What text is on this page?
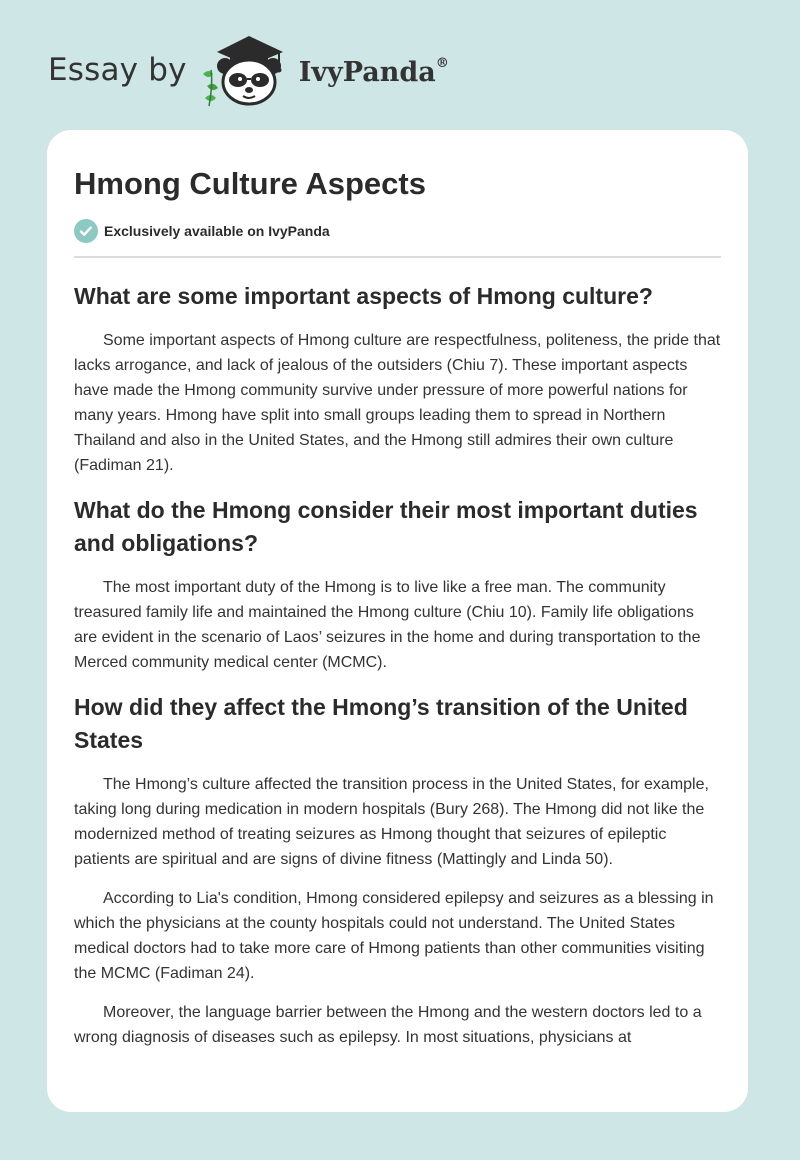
Essay by	IvyPanda®
Hmong Culture Aspects
Exclusively available on IvyPanda
What are some important aspects of Hmong culture?

Some important aspects of Hmong culture are respectfulness, politeness, the pride that lacks arrogance, and lack of jealous of the outsiders (Chiu 7). These important aspects have made the Hmong community survive under pressure of more powerful nations for many years. Hmong have split into small groups leading them to spread in Northern Thailand and also in the United States, and the Hmong still admires their own culture (Fadiman 21).

What do the Hmong consider their most important duties and obligations?

The most important duty of the Hmong is to live like a free man. The community treasured family life and maintained the Hmong culture (Chiu 10). Family life obligations are evident in the scenario of Laos’ seizures in the home and during transportation to the Merced community medical center (MCMC).

How did they affect the Hmong’s transition of the United States

The Hmong’s culture affected the transition process in the United States, for example, taking long during medication in modern hospitals (Bury 268). The Hmong did not like the modernized method of treating seizures as Hmong thought that seizures of epileptic patients are spiritual and are signs of divine fitness (Mattingly and Linda 50).

According to Lia's condition, Hmong considered epilepsy and seizures as a blessing in which the physicians at the county hospitals could not understand. The United States medical doctors had to take more care of Hmong patients than other communities visiting the MCMC (Fadiman 24).

Moreover, the language barrier between the Hmong and the western doctors led to a wrong diagnosis of diseases such as epilepsy. In most situations, physicians at
